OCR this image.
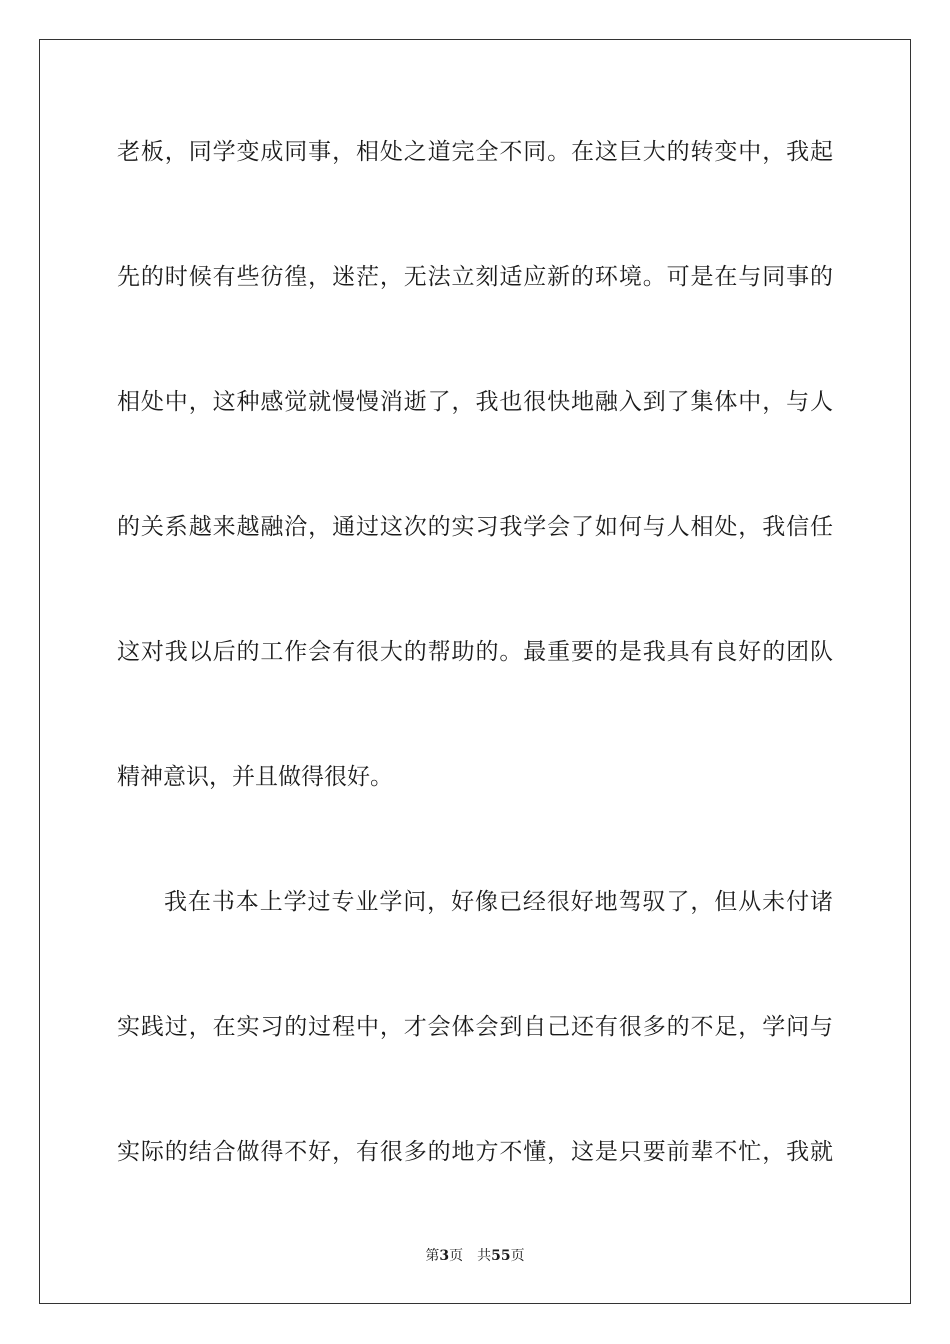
老板，同学变成同事，相处之道完全不同。在这巨大的转变中，我起
先的时候有些彷徨，迷茫，无法立刻适应新的环境。可是在与同事的
相处中，这种感觉就慢慢消逝了，我也很快地融入到了集体中，与人
的关系越来越融洽，通过这次的实习我学会了如何与人相处，我信任
这对我以后的工作会有很大的帮助的。最重要的是我具有良好的团队
精神意识，并且做得很好。
我在书本上学过专业学问，好像已经很好地驾驭了，但从未付诸
实践过，在实习的过程中，才会体会到自己还有很多的不足，学问与
实际的结合做得不好，有很多的地方不懂，这是只要前辈不忙，我就
第3页 共55页
